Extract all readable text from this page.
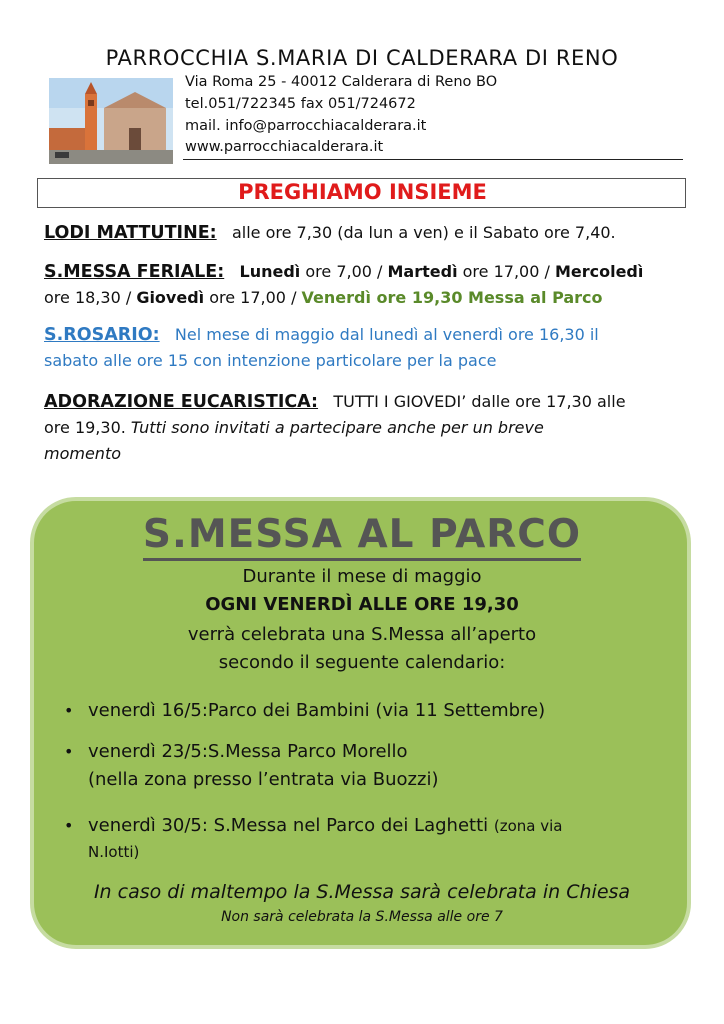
PARROCCHIA S.MARIA DI CALDERARA DI RENO
Via Roma 25 - 40012 Calderara di Reno BO
tel.051/722345 fax 051/724672
mail. info@parrocchiacalderara.it
www.parrocchiacalderara.it
PREGHIAMO INSIEME
LODI MATTUTINE: alle ore 7,30 (da lun a ven) e il Sabato ore 7,40.
S.MESSA FERIALE: Lunedì ore 7,00 / Martedì ore 17,00 / Mercoledì
ore 18,30 / Giovedì ore 17,00 / Venerdì ore 19,30 Messa al Parco
S.ROSARIO: Nel mese di maggio dal lunedì al venerdì ore 16,30 il
sabato alle ore 15 con intenzione particolare per la pace
ADORAZIONE EUCARISTICA: TUTTI I GIOVEDI’ dalle ore 17,30 alle
ore 19,30. Tutti sono invitati a partecipare anche per un breve
momento
S.MESSA AL PARCO
Durante il mese di maggio
OGNI VENERDÌ ALLE ORE 19,30
verrà celebrata una S.Messa all’aperto
secondo il seguente calendario:
• venerdì 16/5:Parco dei Bambini (via 11 Settembre)
• venerdì 23/5:S.Messa Parco Morello
(nella zona presso l’entrata via Buozzi)
• venerdì 30/5: S.Messa nel Parco dei Laghetti (zona via
N.Iotti)
In caso di maltempo la S.Messa sarà celebrata in Chiesa
Non sarà celebrata la S.Messa alle ore 7
